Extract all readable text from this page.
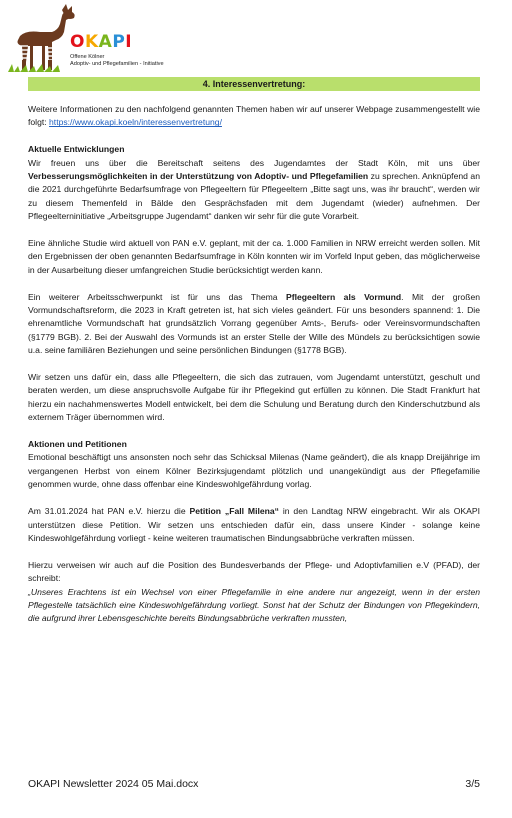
OKAPI
Offene Kölner
Adoptiv- und Pflegefamilien - Initiative
4. Interessenvertretung:

Weitere Informationen zu den nachfolgend genannten Themen haben wir auf unserer Webpage zusammengestellt wie folgt: https://www.okapi.koeln/interessenvertretung/

Aktuelle Entwicklungen

Wir freuen uns über die Bereitschaft seitens des Jugendamtes der Stadt Köln, mit uns über Verbesserungsmöglichkeiten in der Unterstützung von Adoptiv- und Pflegefamilien zu sprechen. Anknüpfend an die 2021 durchgeführte Bedarfsumfrage von Pflegeeltern für Pflegeeltern „Bitte sagt uns, was ihr braucht“, werden wir zu diesem Themenfeld in Bälde den Gesprächsfaden mit dem Jugendamt (wieder) aufnehmen. Der Pflegeelterninitiative „Arbeitsgruppe Jugendamt“ danken wir sehr für die gute Vorarbeit.

Eine ähnliche Studie wird aktuell von PAN e.V. geplant, mit der ca. 1.000 Familien in NRW erreicht werden sollen. Mit den Ergebnissen der oben genannten Bedarfsumfrage in Köln konnten wir im Vorfeld Input geben, das möglicherweise in der Ausarbeitung dieser umfangreichen Studie berücksichtigt werden kann.

Ein weiterer Arbeitsschwerpunkt ist für uns das Thema Pflegeeltern als Vormund. Mit der großen Vormundschaftsreform, die 2023 in Kraft getreten ist, hat sich vieles geändert. Für uns besonders spannend: 1. Die ehrenamtliche Vormundschaft hat grundsätzlich Vorrang gegenüber Amts-, Berufs- oder Vereinsvormundschaften (§1779 BGB). 2. Bei der Auswahl des Vormunds ist an erster Stelle der Wille des Mündels zu berücksichtigen sowie u.a. seine familiären Beziehungen und seine persönlichen Bindungen (§1778 BGB).

Wir setzen uns dafür ein, dass alle Pflegeeltern, die sich das zutrauen, vom Jugendamt unterstützt, geschult und beraten werden, um diese anspruchsvolle Aufgabe für ihr Pflegekind gut erfüllen zu können. Die Stadt Frankfurt hat hierzu ein nachahmenswertes Modell entwickelt, bei dem die Schulung und Beratung durch den Kinderschutzbund als externem Träger übernommen wird.

Aktionen und Petitionen

Emotional beschäftigt uns ansonsten noch sehr das Schicksal Milenas (Name geändert), die als knapp Dreijährige im vergangenen Herbst von einem Kölner Bezirksjugendamt plötzlich und unangekündigt aus der Pflegefamilie genommen wurde, ohne dass offenbar eine Kindeswohlgefährdung vorlag.

Am 31.01.2024 hat PAN e.V. hierzu die Petition „Fall Milena“ in den Landtag NRW eingebracht. Wir als OKAPI unterstützen diese Petition. Wir setzen uns entschieden dafür ein, dass unsere Kinder - solange keine Kindeswohlgefährdung vorliegt - keine weiteren traumatischen Bindungsabbrüche verkraften müssen.

Hierzu verweisen wir auch auf die Position des Bundesverbands der Pflege- und Adoptivfamilien e.V (PFAD), der schreibt:

„Unseres Erachtens ist ein Wechsel von einer Pflegefamilie in eine andere nur angezeigt, wenn in der ersten Pflegestelle tatsächlich eine Kindeswohlgefährdung vorliegt. Sonst hat der Schutz der Bindungen von Pflegekindern, die aufgrund ihrer Lebensgeschichte bereits Bindungsabbrüche verkraften mussten,

OKAPI Newsletter 2024 05 Mai.docx	3/5
